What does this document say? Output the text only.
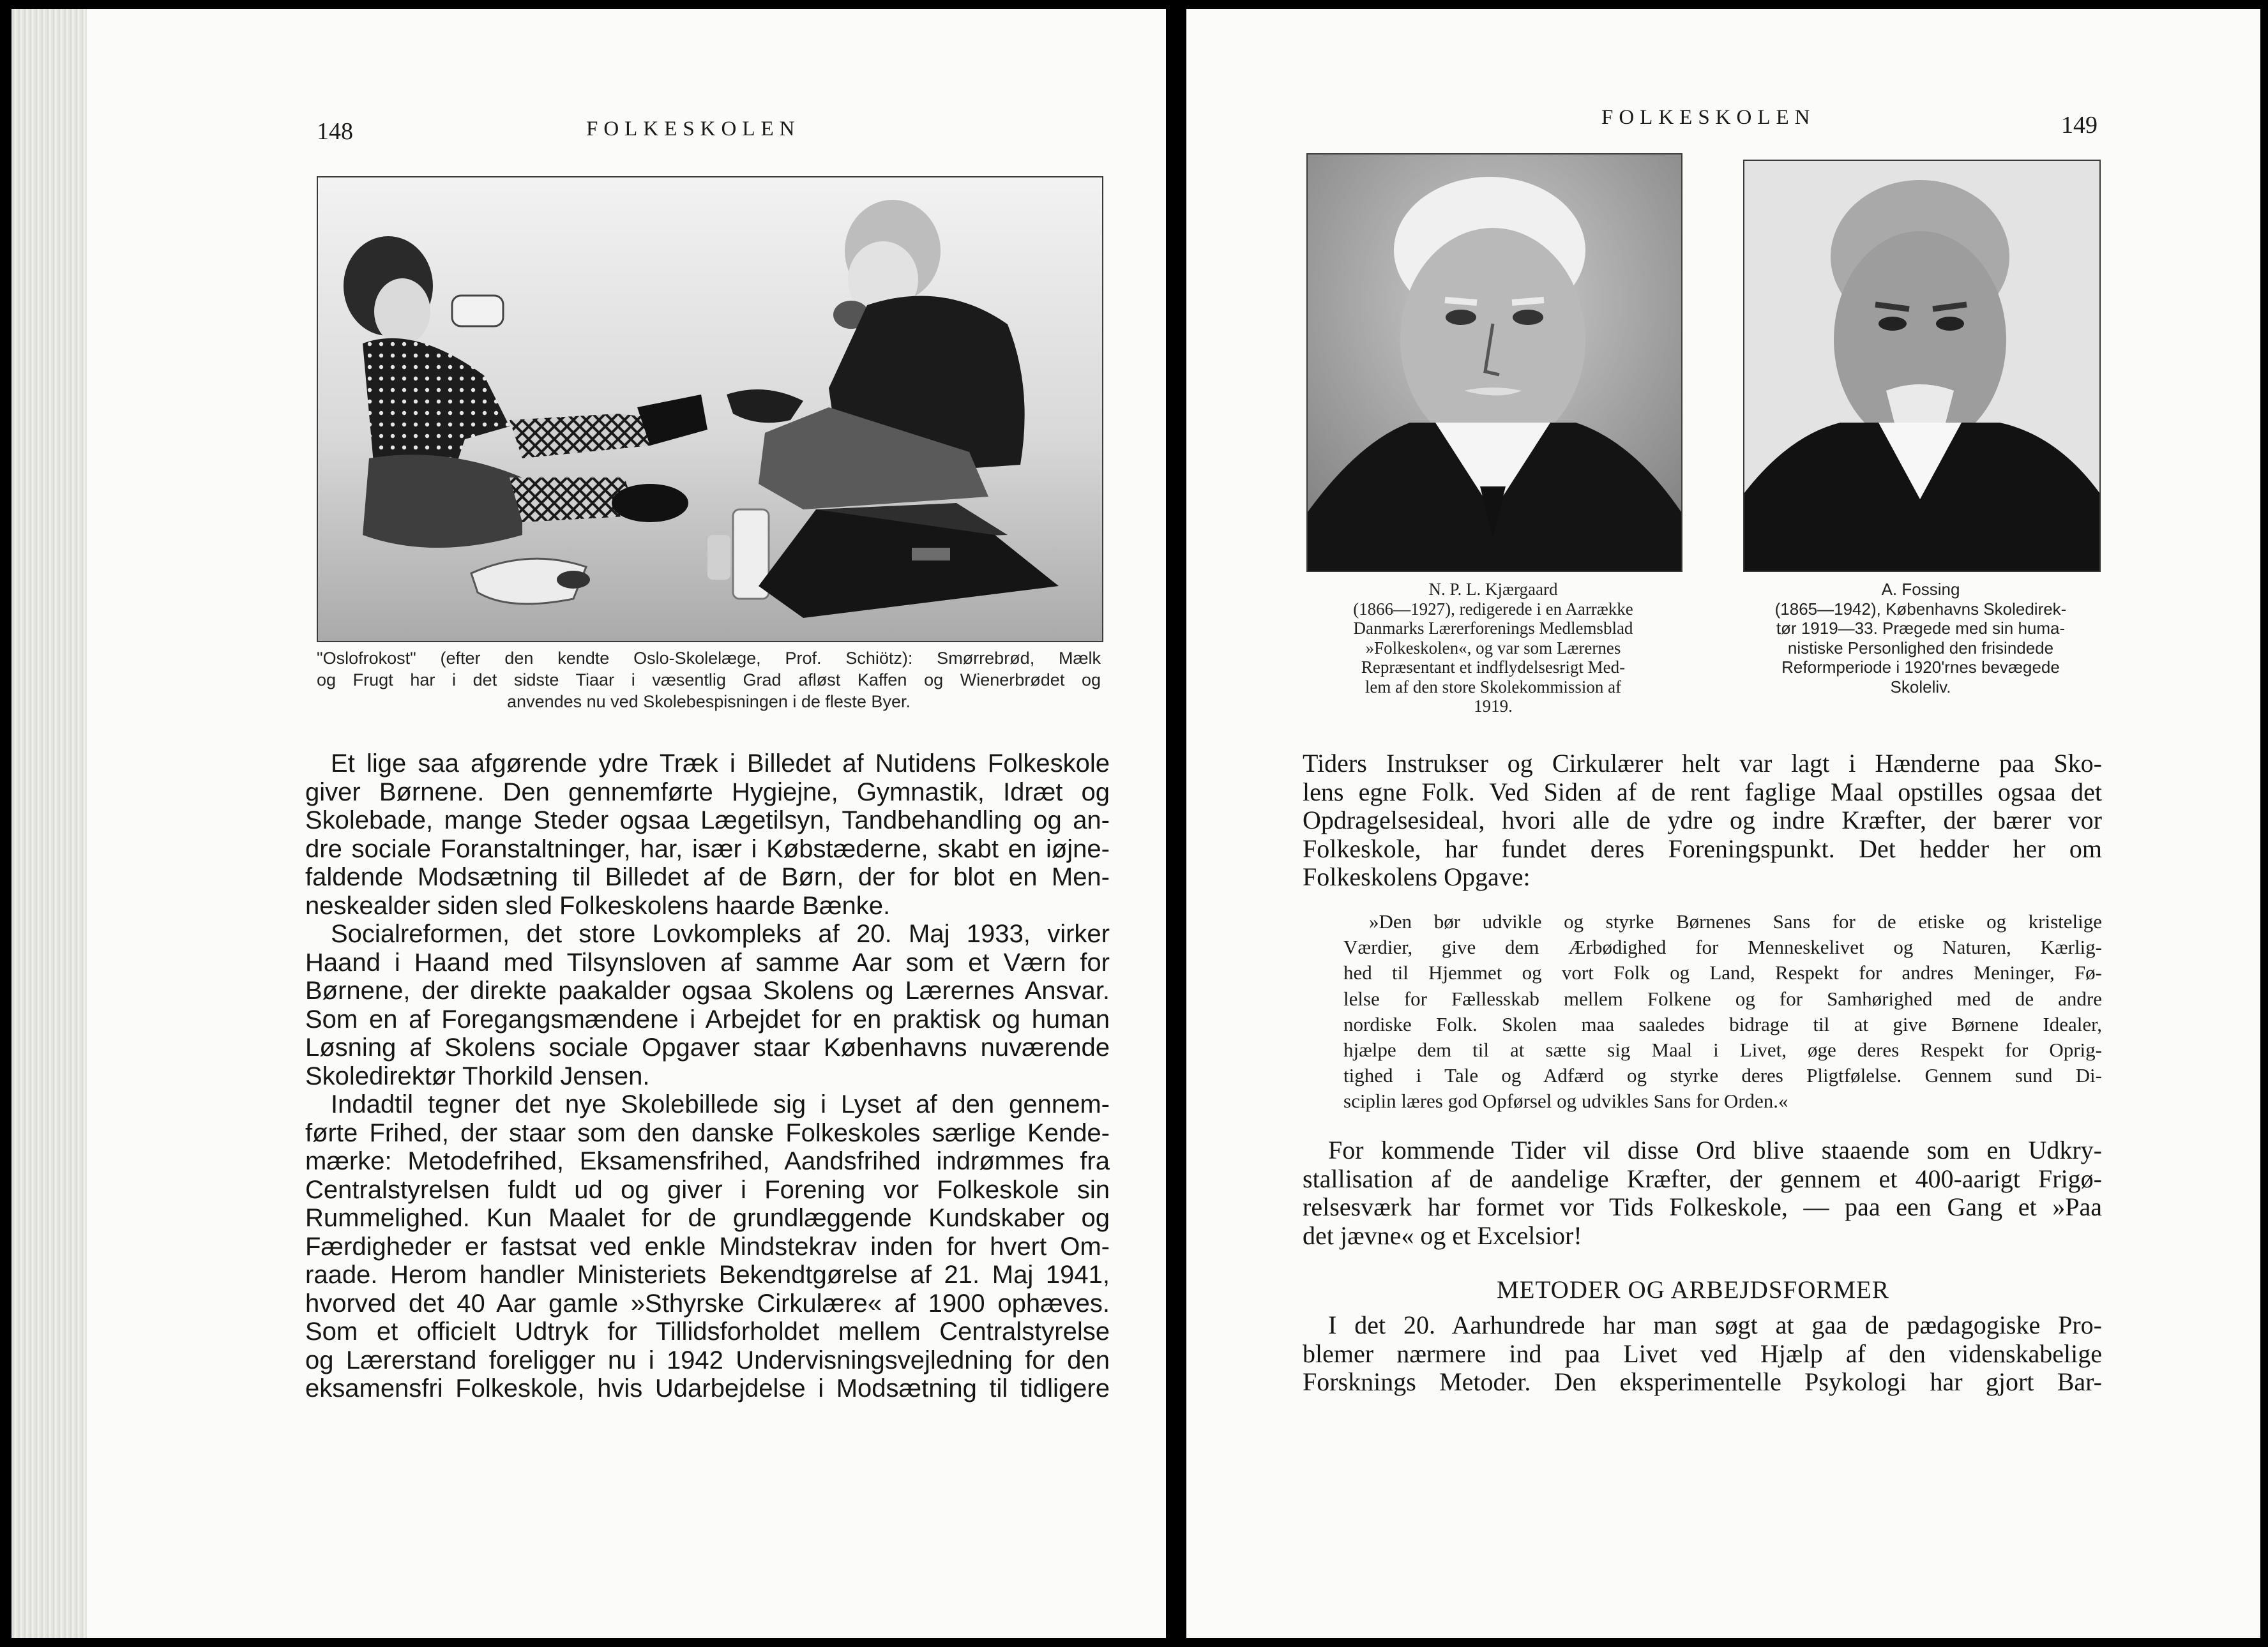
148	FOLKESKOLEN
"Oslofrokost" (efter den kendte Oslo-Skolelæge, Prof. Schiötz): Smørrebrød, Mælk
og Frugt har i det sidste Tiaar i væsentlig Grad afløst Kaffen og Wienerbrødet og
anvendes nu ved Skolebespisningen i de fleste Byer.
Et lige saa afgørende ydre Træk i Billedet af Nutidens Folkeskole
giver Børnene. Den gennemførte Hygiejne, Gymnastik, Idræt og
Skolebade, mange Steder ogsaa Lægetilsyn, Tandbehandling og an-
dre sociale Foranstaltninger, har, især i Købstæderne, skabt en iøjne-
faldende Modsætning til Billedet af de Børn, der for blot en Men-
neskealder siden sled Folkeskolens haarde Bænke.
Socialreformen, det store Lovkompleks af 20. Maj 1933, virker
Haand i Haand med Tilsynsloven af samme Aar som et Værn for
Børnene, der direkte paakalder ogsaa Skolens og Lærernes Ansvar.
Som en af Foregangsmændene i Arbejdet for en praktisk og human
Løsning af Skolens sociale Opgaver staar Københavns nuværende
Skoledirektør Thorkild Jensen.
Indadtil tegner det nye Skolebillede sig i Lyset af den gennem-
førte Frihed, der staar som den danske Folkeskoles særlige Kende-
mærke: Metodefrihed, Eksamensfrihed, Aandsfrihed indrømmes fra
Centralstyrelsen fuldt ud og giver i Forening vor Folkeskole sin
Rummelighed. Kun Maalet for de grundlæggende Kundskaber og
Færdigheder er fastsat ved enkle Mindstekrav inden for hvert Om-
raade. Herom handler Ministeriets Bekendtgørelse af 21. Maj 1941,
hvorved det 40 Aar gamle »Sthyrske Cirkulære« af 1900 ophæves.
Som et officielt Udtryk for Tillidsforholdet mellem Centralstyrelse
og Lærerstand foreligger nu i 1942 Undervisningsvejledning for den
eksamensfri Folkeskole, hvis Udarbejdelse i Modsætning til tidligere
FOLKESKOLEN	149
N. P. L. Kjærgaard
(1866—1927), redigerede i en Aarrække
Danmarks Lærerforenings Medlemsblad
»Folkeskolen«, og var som Lærernes
Repræsentant et indflydelsesrigt Med-
lem af den store Skolekommission af
1919.
A. Fossing
(1865—1942), Københavns Skoledirek-
tør 1919—33. Prægede med sin huma-
nistiske Personlighed den frisindede
Reformperiode i 1920'rnes bevægede
Skoleliv.
Tiders Instrukser og Cirkulærer helt var lagt i Hænderne paa Sko-
lens egne Folk. Ved Siden af de rent faglige Maal opstilles ogsaa det
Opdragelsesideal, hvori alle de ydre og indre Kræfter, der bærer vor
Folkeskole, har fundet deres Foreningspunkt. Det hedder her om
Folkeskolens Opgave:
»Den bør udvikle og styrke Børnenes Sans for de etiske og kristelige
Værdier, give dem Ærbødighed for Menneskelivet og Naturen, Kærlig-
hed til Hjemmet og vort Folk og Land, Respekt for andres Meninger, Fø-
lelse for Fællesskab mellem Folkene og for Samhørighed med de andre
nordiske Folk. Skolen maa saaledes bidrage til at give Børnene Idealer,
hjælpe dem til at sætte sig Maal i Livet, øge deres Respekt for Oprig-
tighed i Tale og Adfærd og styrke deres Pligtfølelse. Gennem sund Di-
sciplin læres god Opførsel og udvikles Sans for Orden.«
For kommende Tider vil disse Ord blive staaende som en Udkry-
stallisation af de aandelige Kræfter, der gennem et 400-aarigt Frigø-
relsesværk har formet vor Tids Folkeskole, — paa een Gang et »Paa
det jævne« og et Excelsior!
METODER OG ARBEJDSFORMER
I det 20. Aarhundrede har man søgt at gaa de pædagogiske Pro-
blemer nærmere ind paa Livet ved Hjælp af den videnskabelige
Forsknings Metoder. Den eksperimentelle Psykologi har gjort Bar-
